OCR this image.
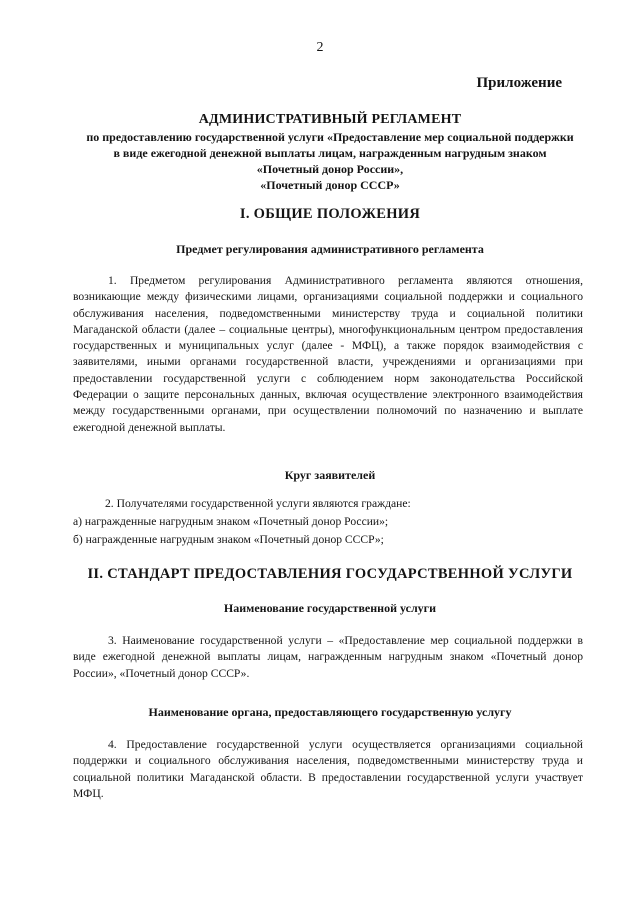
2
Приложение
АДМИНИСТРАТИВНЫЙ РЕГЛАМЕНТ
по предоставлению государственной услуги «Предоставление мер социальной поддержки
в виде ежегодной денежной выплаты лицам, награжденным нагрудным знаком
«Почетный донор России»,
«Почетный донор СССР»
I. ОБЩИЕ ПОЛОЖЕНИЯ
Предмет регулирования административного регламента
1. Предметом регулирования Административного регламента являются отношения, возникающие между физическими лицами, организациями социальной поддержки и социального обслуживания населения, подведомственными министерству труда и социальной политики Магаданской области (далее – социальные центры), многофункциональным центром предоставления государственных и муниципальных услуг (далее - МФЦ), а также порядок взаимодействия с заявителями, иными органами государственной власти, учреждениями и организациями при предоставлении государственной услуги с соблюдением норм законодательства Российской Федерации о защите персональных данных, включая осуществление электронного взаимодействия между государственными органами, при осуществлении полномочий по назначению и выплате ежегодной денежной выплаты.
Круг заявителей
2. Получателями государственной услуги являются граждане:
а) награжденные нагрудным знаком «Почетный донор России»;
б) награжденные нагрудным знаком «Почетный донор СССР»;
II. СТАНДАРТ ПРЕДОСТАВЛЕНИЯ ГОСУДАРСТВЕННОЙ УСЛУГИ
Наименование государственной услуги
3. Наименование государственной услуги – «Предоставление мер социальной поддержки в виде ежегодной денежной выплаты лицам, награжденным нагрудным знаком «Почетный донор России», «Почетный донор СССР».
Наименование органа, предоставляющего государственную услугу
4. Предоставление государственной услуги осуществляется организациями социальной поддержки и социального обслуживания населения, подведомственными министерству труда и социальной политики Магаданской области. В предоставлении государственной услуги участвует МФЦ.
